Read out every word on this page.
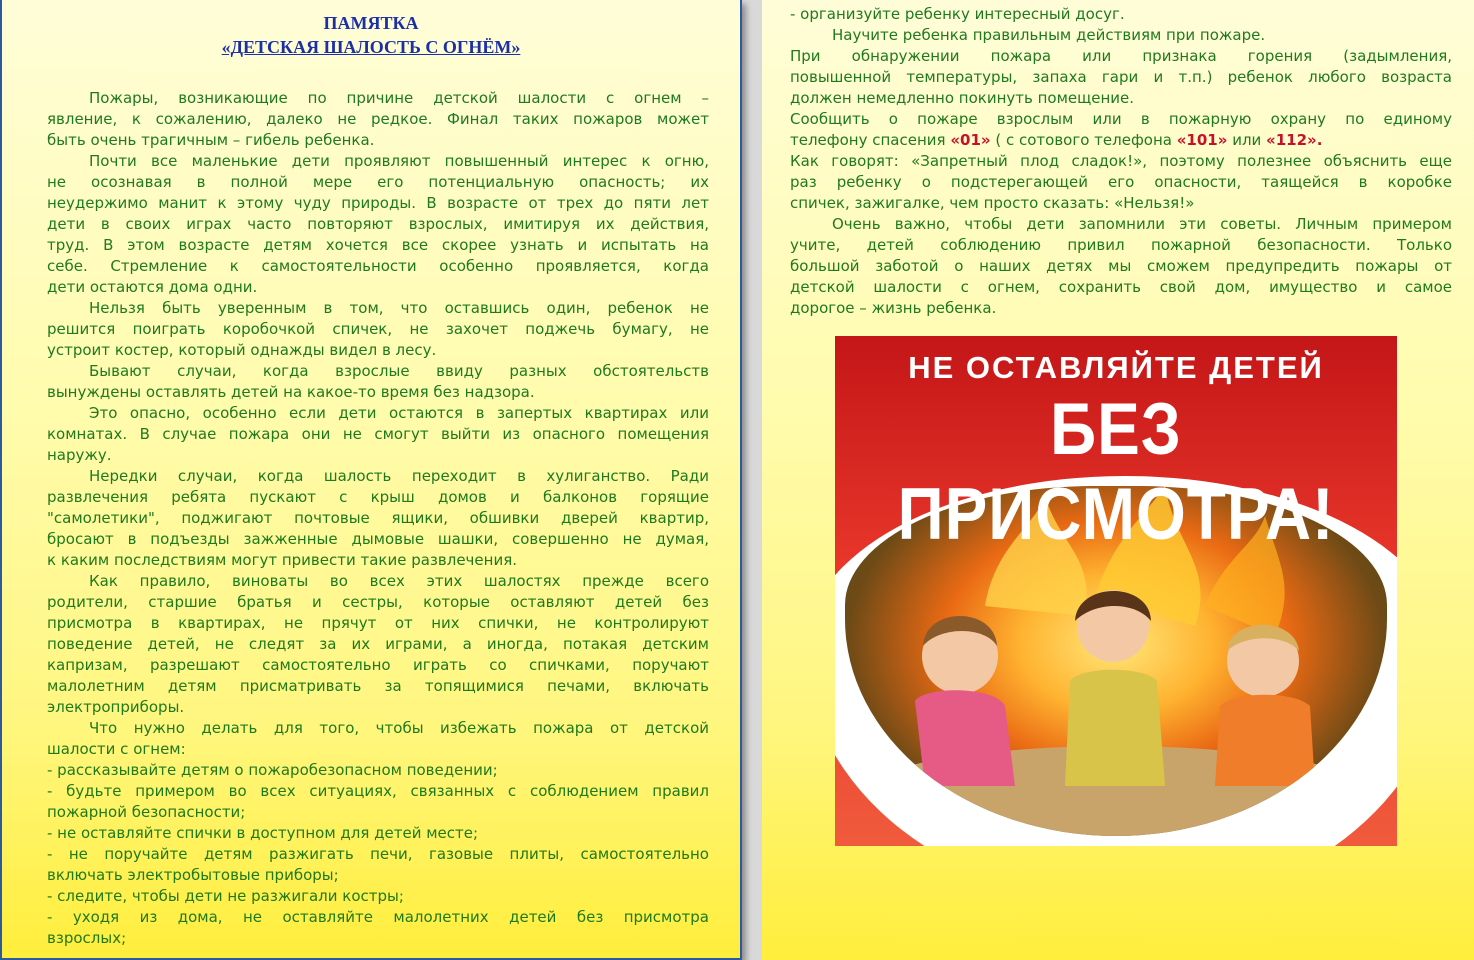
ПАМЯТКА
«ДЕТСКАЯ ШАЛОСТЬ С ОГНЁМ»

Пожары, возникающие по причине детской шалости с огнем –

явление, к сожалению, далеко не редкое. Финал таких пожаров может

быть очень трагичным – гибель ребенка.

Почти все маленькие дети проявляют повышенный интерес к огню,

не осознавая в полной мере его потенциальную опасность; их

неудержимо манит к этому чуду природы. В возрасте от трех до пяти лет

дети в своих играх часто повторяют взрослых, имитируя их действия,

труд. В этом возрасте детям хочется все скорее узнать и испытать на

себе. Стремление к самостоятельности особенно проявляется, когда

дети остаются дома одни.

Нельзя быть уверенным в том, что оставшись один, ребенок не

решится поиграть коробочкой спичек, не захочет поджечь бумагу, не

устроит костер, который однажды видел в лесу.

Бывают случаи, когда взрослые ввиду разных обстоятельств

вынуждены оставлять детей на какое-то время без надзора.

Это опасно, особенно если дети остаются в запертых квартирах или

комнатах. В случае пожара они не смогут выйти из опасного помещения

наружу.

Нередки случаи, когда шалость переходит в хулиганство. Ради

развлечения ребята пускают с крыш домов и балконов горящие

"самолетики", поджигают почтовые ящики, обшивки дверей квартир,

бросают в подъезды зажженные дымовые шашки, совершенно не думая,

к каким последствиям могут привести такие развлечения.

Как правило, виноваты во всех этих шалостях прежде всего

родители, старшие братья и сестры, которые оставляют детей без

присмотра в квартирах, не прячут от них спички, не контролируют

поведение детей, не следят за их играми, а иногда, потакая детским

капризам, разрешают самостоятельно играть со спичками, поручают

малолетним детям присматривать за топящимися печами, включать

электроприборы.

Что нужно делать для того, чтобы избежать пожара от детской

шалости с огнем:

- рассказывайте детям о пожаробезопасном поведении;

- будьте примером во всех ситуациях, связанных с соблюдением правил

пожарной безопасности;

- не оставляйте спички в доступном для детей месте;

- не поручайте детям разжигать печи, газовые плиты, самостоятельно

включать электробытовые приборы;

- следите, чтобы дети не разжигали костры;

- уходя из дома, не оставляйте малолетних детей без присмотра

взрослых;

- организуйте ребенку интересный досуг.

Научите ребенка правильным действиям при пожаре.

При обнаружении пожара или признака горения (задымления,

повышенной температуры, запаха гари и т.п.) ребенок любого возраста

должен немедленно покинуть помещение.

Сообщить о пожаре взрослым или в пожарную охрану по единому

телефону спасения «01» ( с сотового телефона «101» или «112».

Как говорят: «Запретный плод сладок!», поэтому полезнее объяснить еще

раз ребенку о подстерегающей его опасности, таящейся в коробке

спичек, зажигалке, чем просто сказать: «Нельзя!»

Очень важно, чтобы дети запомнили эти советы. Личным примером

учите, детей соблюдению привил пожарной безопасности. Только

большой заботой о наших детях мы сможем предупредить пожары от

детской шалости с огнем, сохранить свой дом, имущество и самое

дорогое – жизнь ребенка.

НЕ ОСТАВЛЯЙТЕ ДЕТЕЙ
БЕЗ ПРИСМОТРА!
